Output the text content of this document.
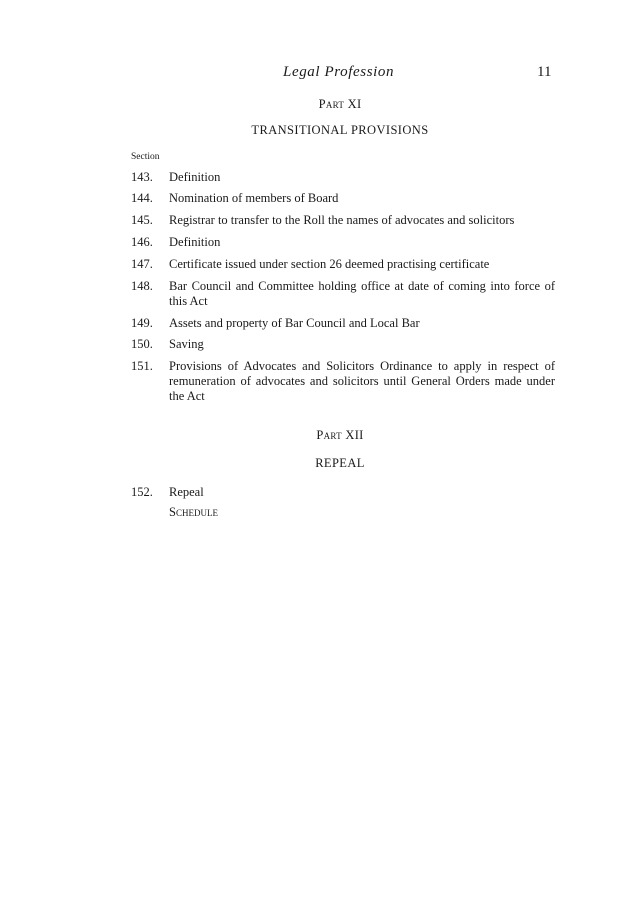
Legal Profession	11
Part XI
TRANSITIONAL PROVISIONS
Section
143.	Definition
144.	Nomination of members of Board
145.	Registrar to transfer to the Roll the names of advocates and solicitors
146.	Definition
147.	Certificate issued under section 26 deemed practising certificate
148.	Bar Council and Committee holding office at date of coming into force of this Act
149.	Assets and property of Bar Council and Local Bar
150.	Saving
151.	Provisions of Advocates and Solicitors Ordinance to apply in respect of remuneration of advocates and solicitors until General Orders made under the Act
Part XII
REPEAL
152.	Repeal
Schedule
